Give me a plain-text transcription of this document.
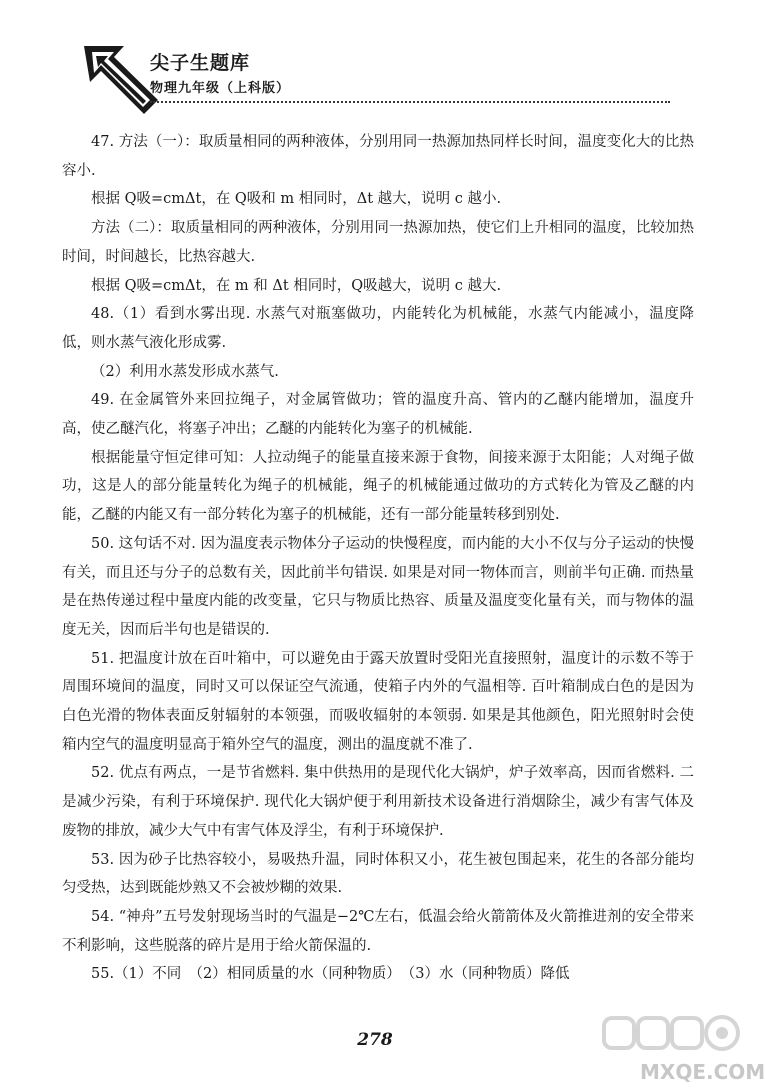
尖子生题库
物理九年级（上科版）

47. 方法（一）：取质量相同的两种液体，分别用同一热源加热同样长时间，温度变化大的比热容小.

根据 Q吸=cmΔt，在 Q吸和 m 相同时，Δt 越大，说明 c 越小.

方法（二）：取质量相同的两种液体，分别用同一热源加热，使它们上升相同的温度，比较加热时间，时间越长，比热容越大.

根据 Q吸=cmΔt，在 m 和 Δt 相同时，Q吸越大，说明 c 越大.

48.（1）看到水雾出现. 水蒸气对瓶塞做功，内能转化为机械能，水蒸气内能减小，温度降低，则水蒸气液化形成雾.

（2）利用水蒸发形成水蒸气.

49. 在金属管外来回拉绳子，对金属管做功；管的温度升高、管内的乙醚内能增加，温度升高，使乙醚汽化，将塞子冲出；乙醚的内能转化为塞子的机械能.

根据能量守恒定律可知：人拉动绳子的能量直接来源于食物，间接来源于太阳能；人对绳子做功，这是人的部分能量转化为绳子的机械能，绳子的机械能通过做功的方式转化为管及乙醚的内能，乙醚的内能又有一部分转化为塞子的机械能，还有一部分能量转移到别处.

50. 这句话不对. 因为温度表示物体分子运动的快慢程度，而内能的大小不仅与分子运动的快慢有关，而且还与分子的总数有关，因此前半句错误. 如果是对同一物体而言，则前半句正确. 而热量是在热传递过程中量度内能的改变量，它只与物质比热容、质量及温度变化量有关，而与物体的温度无关，因而后半句也是错误的.

51. 把温度计放在百叶箱中，可以避免由于露天放置时受阳光直接照射，温度计的示数不等于周围环境间的温度，同时又可以保证空气流通，使箱子内外的气温相等. 百叶箱制成白色的是因为白色光滑的物体表面反射辐射的本领强，而吸收辐射的本领弱. 如果是其他颜色，阳光照射时会使箱内空气的温度明显高于箱外空气的温度，测出的温度就不准了.

52. 优点有两点，一是节省燃料. 集中供热用的是现代化大锅炉，炉子效率高，因而省燃料. 二是减少污染，有利于环境保护. 现代化大锅炉便于利用新技术设备进行消烟除尘，减少有害气体及废物的排放，减少大气中有害气体及浮尘，有利于环境保护.

53. 因为砂子比热容较小，易吸热升温，同时体积又小，花生被包围起来，花生的各部分能均匀受热，达到既能炒熟又不会被炒糊的效果.

54. “神舟”五号发射现场当时的气温是−2℃左右，低温会给火箭箭体及火箭推进剂的安全带来不利影响，这些脱落的碎片是用于给火箭保温的.

55.（1）不同　（2）相同质量的水（同种物质）　（3）水（同种物质）降低

278
MXQE.COM
